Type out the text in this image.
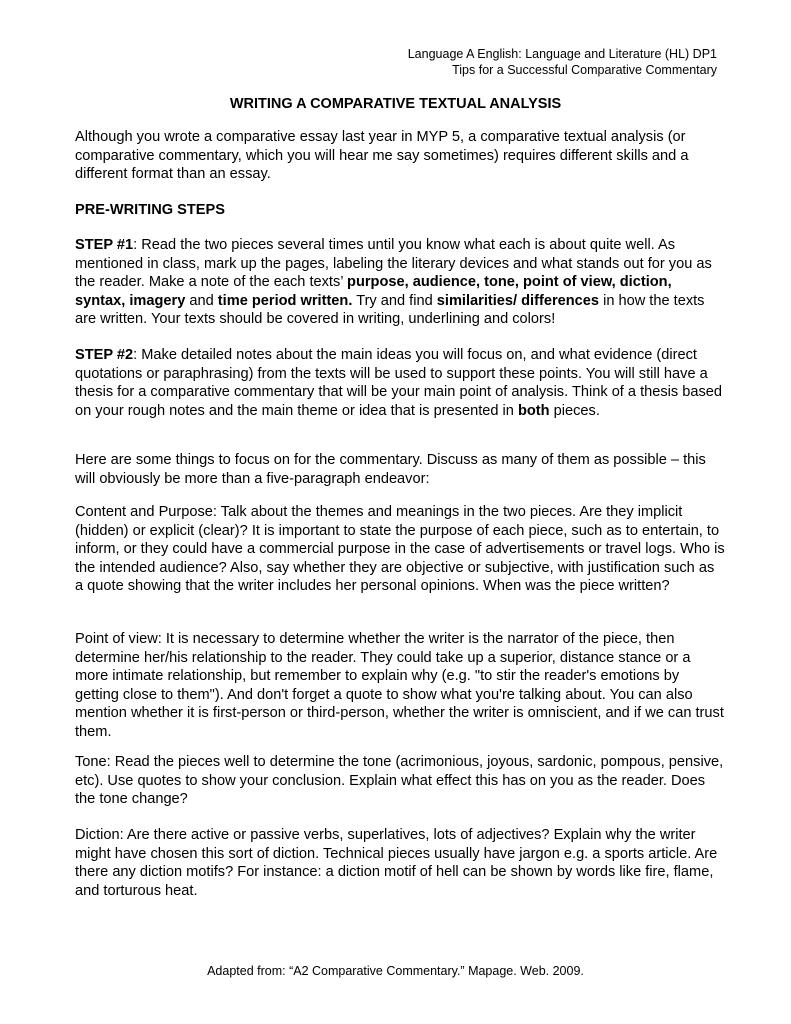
Language A English: Language and Literature (HL) DP1
Tips for a Successful Comparative Commentary
WRITING A COMPARATIVE TEXTUAL ANALYSIS

Although you wrote a comparative essay last year in MYP 5, a comparative textual analysis (or comparative commentary, which you will hear me say sometimes) requires different skills and a different format than an essay.

PRE-WRITING STEPS

STEP #1: Read the two pieces several times until you know what each is about quite well. As mentioned in class, mark up the pages, labeling the literary devices and what stands out for you as the reader. Make a note of the each texts’ purpose, audience, tone, point of view, diction, syntax, imagery and time period written. Try and find similarities/ differences in how the texts are written. Your texts should be covered in writing, underlining and colors!

STEP #2: Make detailed notes about the main ideas you will focus on, and what evidence (direct quotations or paraphrasing) from the texts will be used to support these points. You will still have a thesis for a comparative commentary that will be your main point of analysis. Think of a thesis based on your rough notes and the main theme or idea that is presented in both pieces.

Here are some things to focus on for the commentary. Discuss as many of them as possible – this will obviously be more than a five-paragraph endeavor:

Content and Purpose: Talk about the themes and meanings in the two pieces. Are they implicit (hidden) or explicit (clear)? It is important to state the purpose of each piece, such as to entertain, to inform, or they could have a commercial purpose in the case of advertisements or travel logs. Who is the intended audience? Also, say whether they are objective or subjective, with justification such as a quote showing that the writer includes her personal opinions. When was the piece written?

Point of view: It is necessary to determine whether the writer is the narrator of the piece, then determine her/his relationship to the reader. They could take up a superior, distance stance or a more intimate relationship, but remember to explain why (e.g. "to stir the reader's emotions by getting close to them"). And don't forget a quote to show what you're talking about. You can also mention whether it is first-person or third-person, whether the writer is omniscient, and if we can trust them.

Tone: Read the pieces well to determine the tone (acrimonious, joyous, sardonic, pompous, pensive, etc). Use quotes to show your conclusion. Explain what effect this has on you as the reader. Does the tone change?

Diction: Are there active or passive verbs, superlatives, lots of adjectives? Explain why the writer might have chosen this sort of diction. Technical pieces usually have jargon e.g. a sports article. Are there any diction motifs? For instance: a diction motif of hell can be shown by words like fire, flame, and torturous heat.

Adapted from: “A2 Comparative Commentary.” Mapage. Web. 2009.
